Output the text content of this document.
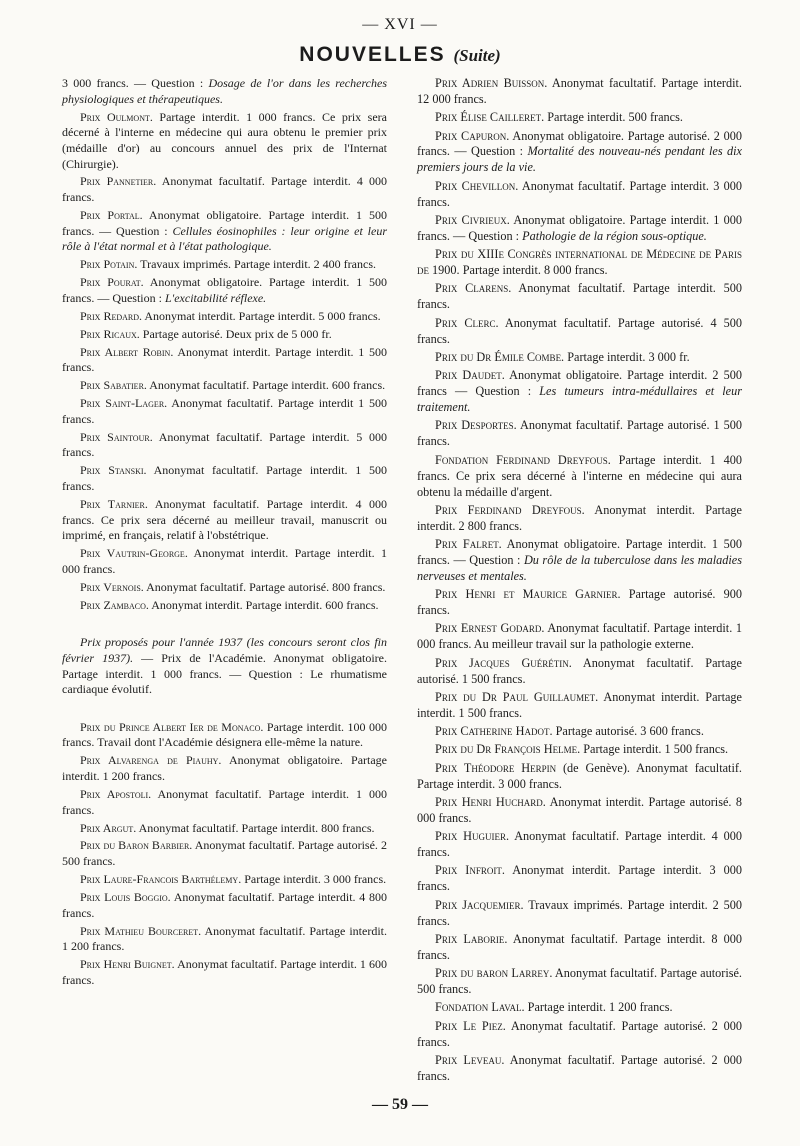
— XVI —
NOUVELLES (Suite)

3 000 francs. — Question : Dosage de l'or dans les recherches physiologiques et thérapeutiques.

Prix Oulmont. Partage interdit. 1 000 francs. Ce prix sera décerné à l'interne en médecine qui aura obtenu le premier prix (médaille d'or) au concours annuel des prix de l'Internat (Chirurgie).

Prix Pannetier. Anonymat facultatif. Partage interdit. 4 000 francs.

Prix Portal. Anonymat obligatoire. Partage interdit. 1 500 francs. — Question : Cellules éosinophiles : leur origine et leur rôle à l'état normal et à l'état pathologique.

Prix Potain. Travaux imprimés. Partage interdit. 2 400 francs.

Prix Pourat. Anonymat obligatoire. Partage interdit. 1 500 francs. — Question : L'excitabilité réflexe.

Prix Redard. Anonymat interdit. Partage interdit. 5 000 francs.

Prix Ricaux. Partage autorisé. Deux prix de 5 000 fr.

Prix Albert Robin. Anonymat interdit. Partage interdit. 1 500 francs.

Prix Sabatier. Anonymat facultatif. Partage interdit. 600 francs.

Prix Saint-Lager. Anonymat facultatif. Partage interdit 1 500 francs.

Prix Saintour. Anonymat facultatif. Partage interdit. 5 000 francs.

Prix Stanski. Anonymat facultatif. Partage interdit. 1 500 francs.

Prix Tarnier. Anonymat facultatif. Partage interdit. 4 000 francs. Ce prix sera décerné au meilleur travail, manuscrit ou imprimé, en français, relatif à l'obstétrique.

Prix Vautrin-George. Anonymat interdit. Partage interdit. 1 000 francs.

Prix Vernois. Anonymat facultatif. Partage autorisé. 800 francs.

Prix Zambaco. Anonymat interdit. Partage interdit. 600 francs.

Prix proposés pour l'année 1937 (les concours seront clos fin février 1937). — Prix de l'Académie. Anonymat obligatoire. Partage interdit. 1 000 francs. — Question : Le rhumatisme cardiaque évolutif.

Prix du Prince Albert Ier de Monaco. Partage interdit. 100 000 francs. Travail dont l'Académie désignera elle-même la nature.

Prix Alvarenga de Piauhy. Anonymat obligatoire. Partage interdit. 1 200 francs.

Prix Apostoli. Anonymat facultatif. Partage interdit. 1 000 francs.

Prix Argut. Anonymat facultatif. Partage interdit. 800 francs.

Prix du Baron Barbier. Anonymat facultatif. Partage autorisé. 2 500 francs.

Prix Laure-Francois Barthélemy. Partage interdit. 3 000 francs.

Prix Louis Boggio. Anonymat facultatif. Partage interdit. 4 800 francs.

Prix Mathieu Bourceret. Anonymat facultatif. Partage interdit. 1 200 francs.

Prix Henri Buignet. Anonymat facultatif. Partage interdit. 1 600 francs.

Prix Adrien Buisson. Anonymat facultatif. Partage interdit. 12 000 francs.

Prix Élise Cailleret. Partage interdit. 500 francs.

Prix Capuron. Anonymat obligatoire. Partage autorisé. 2 000 francs. — Question : Mortalité des nouveau-nés pendant les dix premiers jours de la vie.

Prix Chevillon. Anonymat facultatif. Partage interdit. 3 000 francs.

Prix Civrieux. Anonymat obligatoire. Partage interdit. 1 000 francs. — Question : Pathologie de la région sous-optique.

Prix du XIIIe Congrès international de Médecine de Paris de 1900. Partage interdit. 8 000 francs.

Prix Clarens. Anonymat facultatif. Partage interdit. 500 francs.

Prix Clerc. Anonymat facultatif. Partage autorisé. 4 500 francs.

Prix du Dr Émile Combe. Partage interdit. 3 000 fr.

Prix Daudet. Anonymat obligatoire. Partage interdit. 2 500 francs — Question : Les tumeurs intra-médullaires et leur traitement.

Prix Desportes. Anonymat facultatif. Partage autorisé. 1 500 francs.

Fondation Ferdinand Dreyfous. Partage interdit. 1 400 francs. Ce prix sera décerné à l'interne en médecine qui aura obtenu la médaille d'argent.

Prix Ferdinand Dreyfous. Anonymat interdit. Partage interdit. 2 800 francs.

Prix Falret. Anonymat obligatoire. Partage interdit. 1 500 francs. — Question : Du rôle de la tuberculose dans les maladies nerveuses et mentales.

Prix Henri et Maurice Garnier. Partage autorisé. 900 francs.

Prix Ernest Godard. Anonymat facultatif. Partage interdit. 1 000 francs. Au meilleur travail sur la pathologie externe.

Prix Jacques Guérétin. Anonymat facultatif. Partage autorisé. 1 500 francs.

Prix du Dr Paul Guillaumet. Anonymat interdit. Partage interdit. 1 500 francs.

Prix Catherine Hadot. Partage autorisé. 3 600 francs.

Prix du Dr François Helme. Partage interdit. 1 500 francs.

Prix Théodore Herpin (de Genève). Anonymat facultatif. Partage interdit. 3 000 francs.

Prix Henri Huchard. Anonymat interdit. Partage autorisé. 8 000 francs.

Prix Huguier. Anonymat facultatif. Partage interdit. 4 000 francs.

Prix Infroit. Anonymat interdit. Partage interdit. 3 000 francs.

Prix Jacquemier. Travaux imprimés. Partage interdit. 2 500 francs.

Prix Laborie. Anonymat facultatif. Partage interdit. 8 000 francs.

Prix du baron Larrey. Anonymat facultatif. Partage autorisé. 500 francs.

Fondation Laval. Partage interdit. 1 200 francs.

Prix Le Piez. Anonymat facultatif. Partage autorisé. 2 000 francs.

Prix Leveau. Anonymat facultatif. Partage autorisé. 2 000 francs.

— 59 —
